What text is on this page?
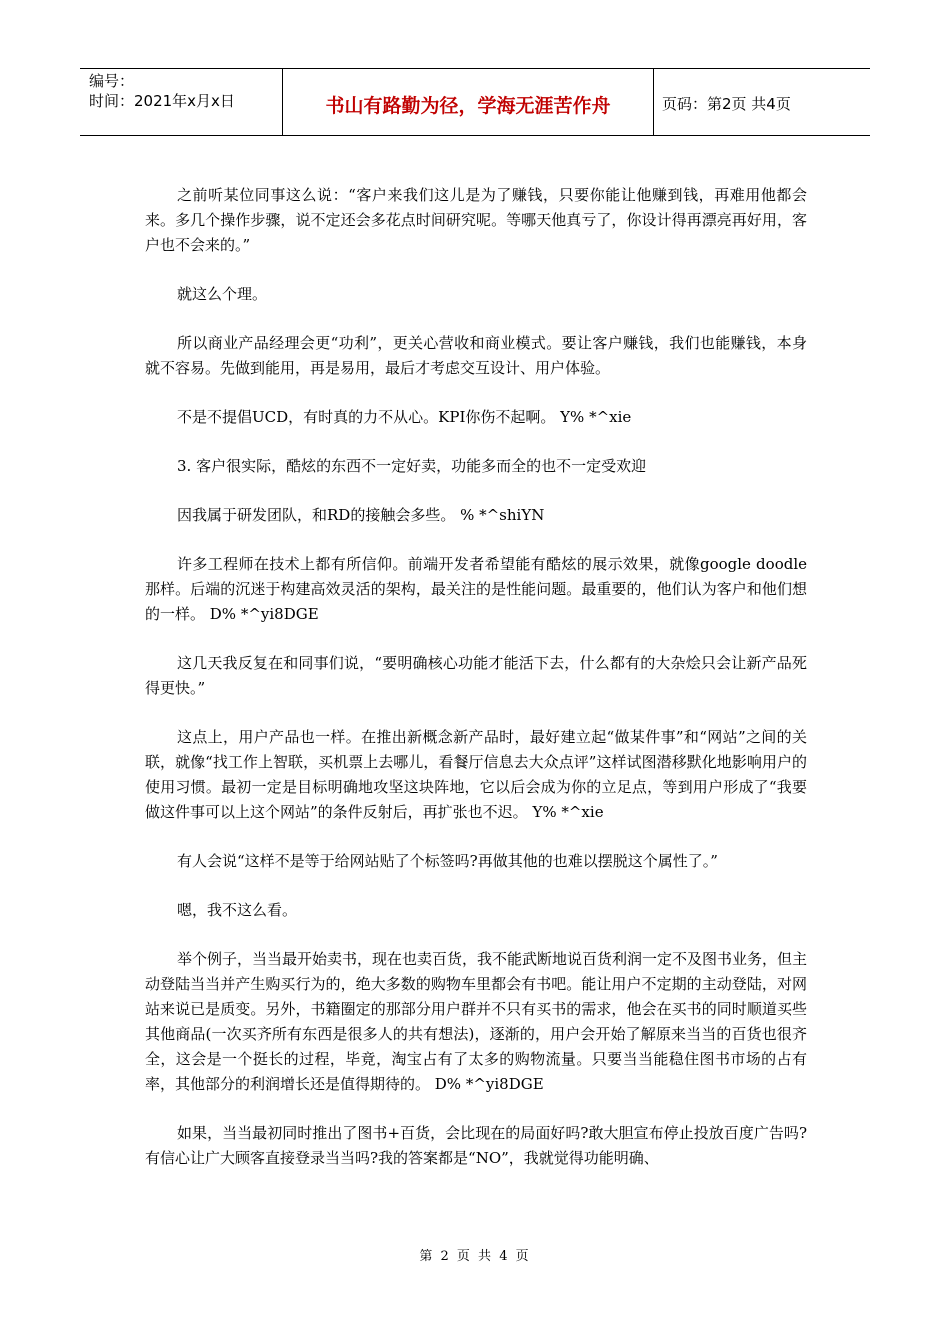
编号：
时间：2021年x月x日	书山有路勤为径，学海无涯苦作舟	页码：第2页 共4页

之前听某位同事这么说：“客户来我们这儿是为了赚钱，只要你能让他赚到钱，再难用他都会来。多几个操作步骤，说不定还会多花点时间研究呢。等哪天他真亏了，你设计得再漂亮再好用，客户也不会来的。”

就这么个理。

所以商业产品经理会更“功利”，更关心营收和商业模式。要让客户赚钱，我们也能赚钱，本身就不容易。先做到能用，再是易用，最后才考虑交互设计、用户体验。

不是不提倡UCD，有时真的力不从心。KPI你伤不起啊。 Y% *^xie

3. 客户很实际，酷炫的东西不一定好卖，功能多而全的也不一定受欢迎

因我属于研发团队，和RD的接触会多些。 % *^shiYN

许多工程师在技术上都有所信仰。前端开发者希望能有酷炫的展示效果，就像google doodle那样。后端的沉迷于构建高效灵活的架构，最关注的是性能问题。最重要的，他们认为客户和他们想的一样。 D% *^yi8DGE

这几天我反复在和同事们说，“要明确核心功能才能活下去，什么都有的大杂烩只会让新产品死得更快。”

这点上，用户产品也一样。在推出新概念新产品时，最好建立起“做某件事”和“网站”之间的关联，就像“找工作上智联，买机票上去哪儿，看餐厅信息去大众点评”这样试图潜移默化地影响用户的使用习惯。最初一定是目标明确地攻坚这块阵地，它以后会成为你的立足点，等到用户形成了“我要做这件事可以上这个网站”的条件反射后，再扩张也不迟。 Y% *^xie

有人会说“这样不是等于给网站贴了个标签吗?再做其他的也难以摆脱这个属性了。”

嗯，我不这么看。

举个例子，当当最开始卖书，现在也卖百货，我不能武断地说百货利润一定不及图书业务，但主动登陆当当并产生购买行为的，绝大多数的购物车里都会有书吧。能让用户不定期的主动登陆，对网站来说已是质变。另外，书籍圈定的那部分用户群并不只有买书的需求，他会在买书的同时顺道买些其他商品(一次买齐所有东西是很多人的共有想法)，逐渐的，用户会开始了解原来当当的百货也很齐全，这会是一个挺长的过程，毕竟，淘宝占有了太多的购物流量。只要当当能稳住图书市场的占有率，其他部分的利润增长还是值得期待的。 D% *^yi8DGE

如果，当当最初同时推出了图书+百货，会比现在的局面好吗?敢大胆宣布停止投放百度广告吗?有信心让广大顾客直接登录当当吗?我的答案都是“NO”，我就觉得功能明确、

第 2 页 共 4 页
